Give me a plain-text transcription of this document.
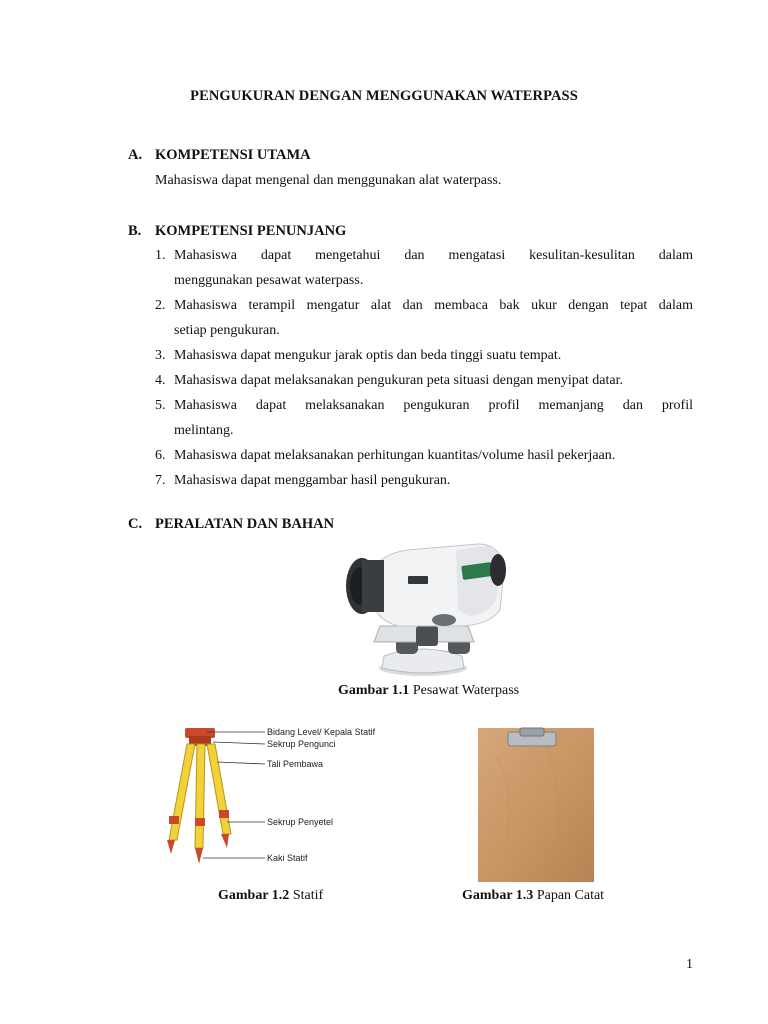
PENGUKURAN DENGAN MENGGUNAKAN WATERPASS
A. KOMPETENSI UTAMA
Mahasiswa dapat mengenal dan menggunakan alat waterpass.
B. KOMPETENSI PENUNJANG
1. Mahasiswa dapat mengetahui dan mengatasi kesulitan-kesulitan dalam
menggunakan pesawat waterpass.
2. Mahasiswa terampil mengatur alat dan membaca bak ukur dengan tepat dalam
setiap pengukuran.
3. Mahasiswa dapat mengukur jarak optis dan beda tinggi suatu tempat.
4. Mahasiswa dapat melaksanakan pengukuran peta situasi dengan menyipat datar.
5. Mahasiswa dapat melaksanakan pengukuran profil memanjang dan profil
melintang.
6. Mahasiswa dapat melaksanakan perhitungan kuantitas/volume hasil pekerjaan.
7. Mahasiswa dapat menggambar hasil pengukuran.
C. PERALATAN DAN BAHAN
Gambar 1.1 Pesawat Waterpass
Bidang Level/ Kepala Statif
Sekrup Pengunci
Tali Pembawa
Sekrup Penyetel
Kaki Statif
Gambar 1.2 Statif	Gambar 1.3 Papan Catat
1
